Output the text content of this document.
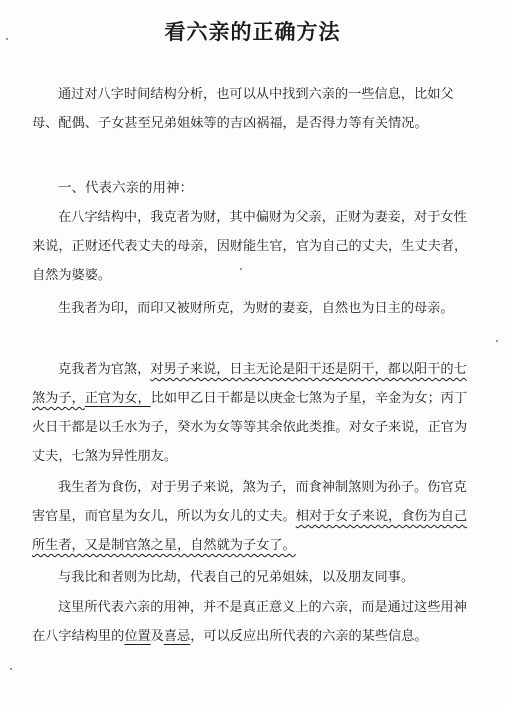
看六亲的正确方法

通过对八字时间结构分析，也可以从中找到六亲的一些信息，比如父母、配偶、子女甚至兄弟姐妹等的吉凶祸福，是否得力等有关情况。

一、代表六亲的用神：

在八字结构中，我克者为财，其中偏财为父亲，正财为妻妾，对于女性来说，正财还代表丈夫的母亲，因财能生官，官为自己的丈夫，生丈夫者，自然为婆婆。

生我者为印，而印又被财所克，为财的妻妾，自然也为日主的母亲。

克我者为官煞，对男子来说，日主无论是阳干还是阴干，都以阳干的七煞为子，正官为女，比如甲乙日干都是以庚金七煞为子星，辛金为女；丙丁火日干都是以壬水为子，癸水为女等等其余依此类推。对女子来说，正官为丈夫，七煞为异性朋友。

我生者为食伤，对于男子来说，煞为子，而食神制煞则为孙子。伤官克害官星，而官星为女儿，所以为女儿的丈夫。相对于女子来说，食伤为自己所生者，又是制官煞之星，自然就为子女了。

与我比和者则为比劫，代表自己的兄弟姐妹，以及朋友同事。

这里所代表六亲的用神，并不是真正意义上的六亲，而是通过这些用神在八字结构里的位置及喜忌，可以反应出所代表的六亲的某些信息。
